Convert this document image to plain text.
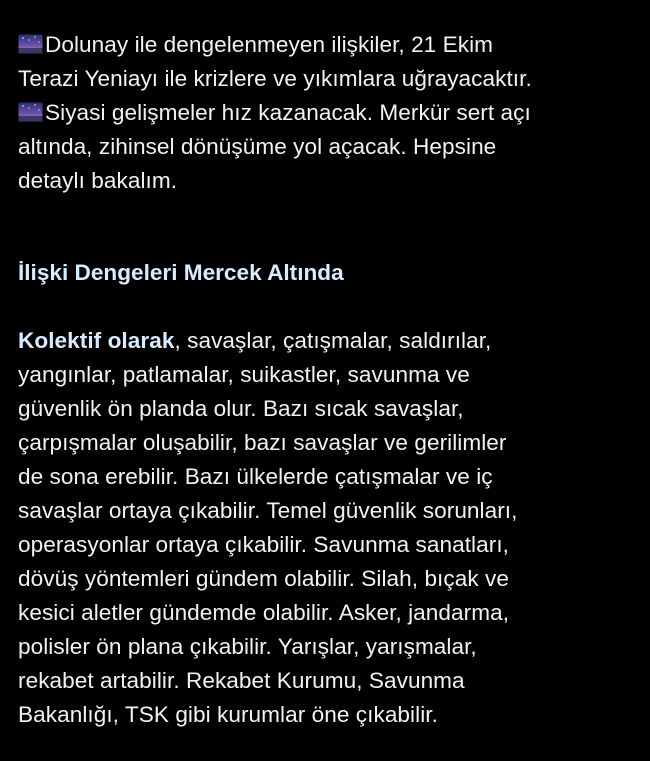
Dolunay ile dengelenmeyen ilişkiler, 21 Ekim
Terazi Yeniayı ile krizlere ve yıkımlara uğrayacaktır.
Siyasi gelişmeler hız kazanacak. Merkür sert açı
altında, zihinsel dönüşüme yol açacak. Hepsine
detaylı bakalım.

İlişki Dengeleri Mercek Altında

Kolektif olarak, savaşlar, çatışmalar, saldırılar,
yangınlar, patlamalar, suikastler, savunma ve
güvenlik ön planda olur. Bazı sıcak savaşlar,
çarpışmalar oluşabilir, bazı savaşlar ve gerilimler
de sona erebilir. Bazı ülkelerde çatışmalar ve iç
savaşlar ortaya çıkabilir. Temel güvenlik sorunları,
operasyonlar ortaya çıkabilir. Savunma sanatları,
dövüş yöntemleri gündem olabilir. Silah, bıçak ve
kesici aletler gündemde olabilir. Asker, jandarma,
polisler ön plana çıkabilir. Yarışlar, yarışmalar,
rekabet artabilir. Rekabet Kurumu, Savunma
Bakanlığı, TSK gibi kurumlar öne çıkabilir.
